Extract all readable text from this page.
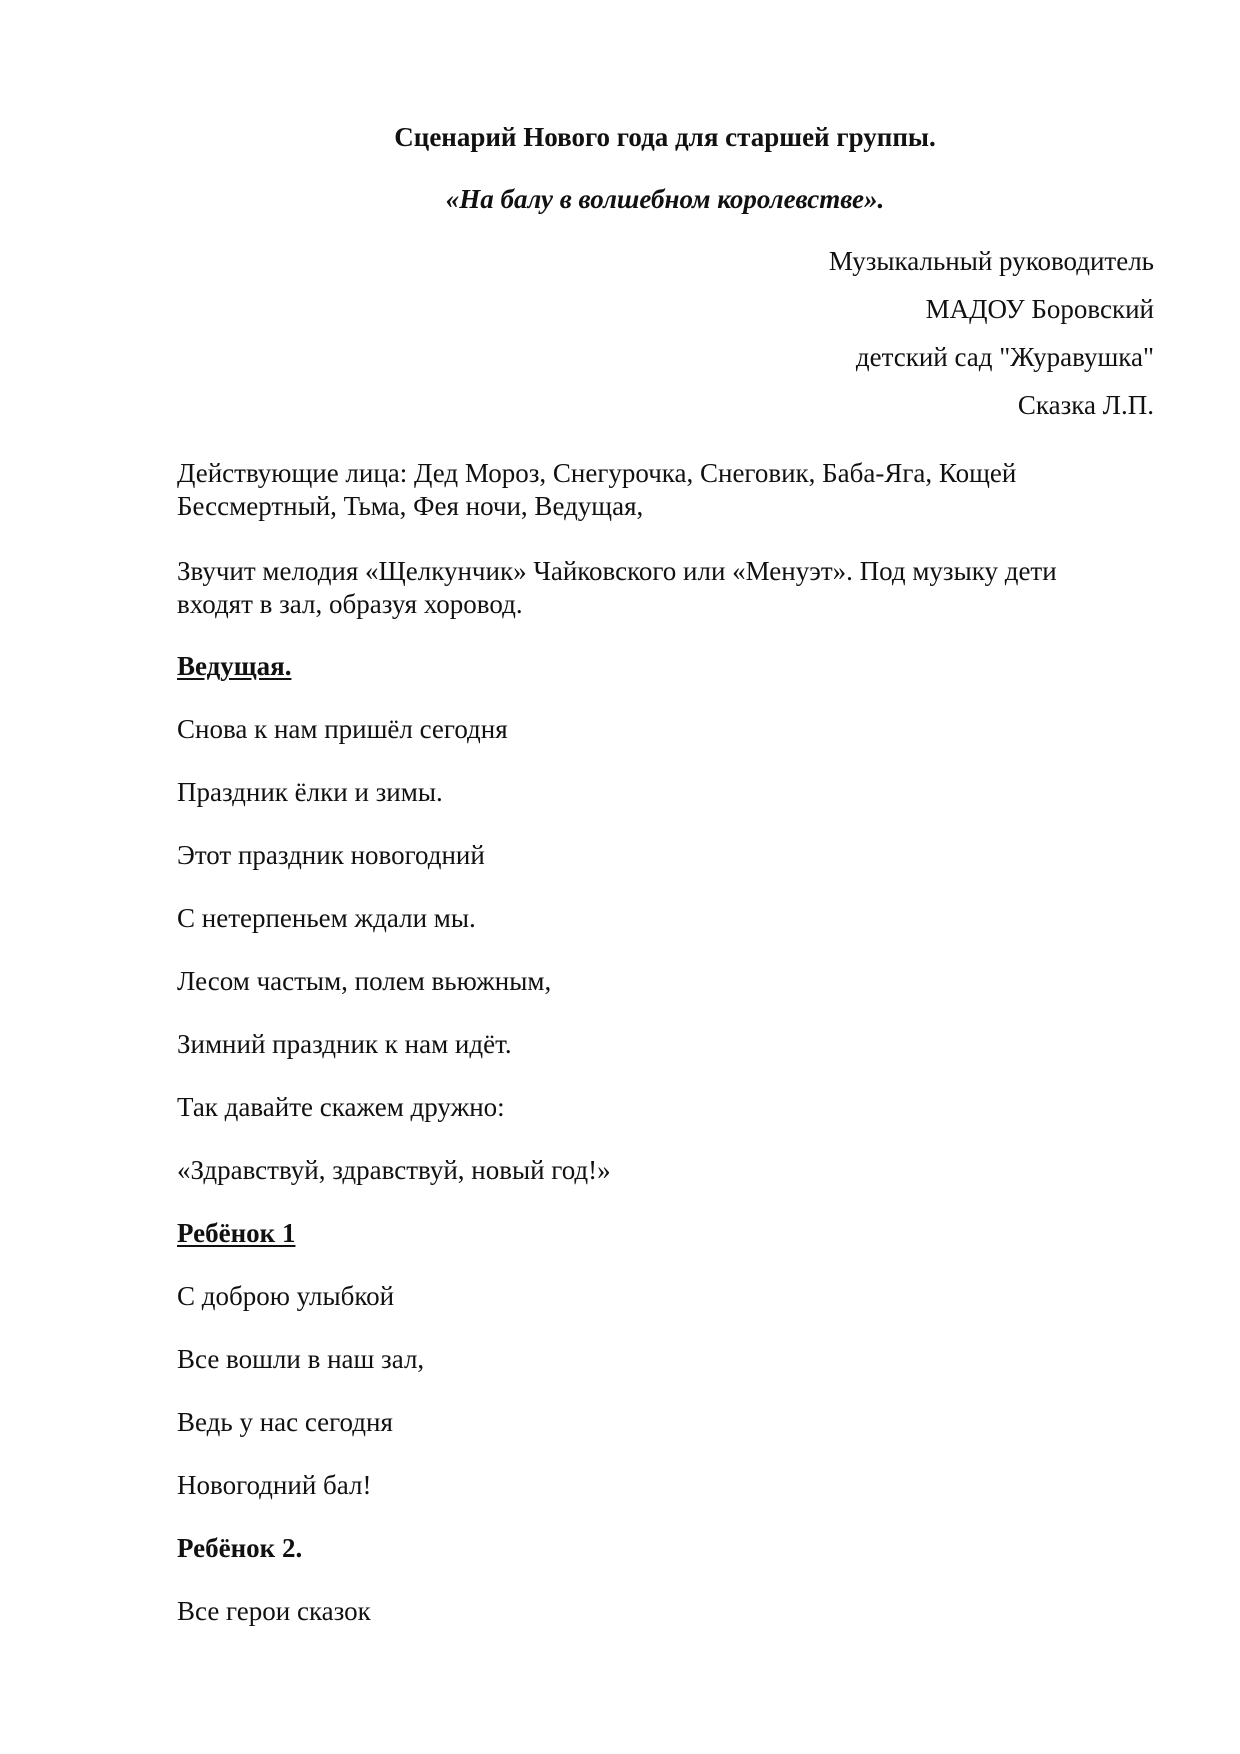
Сценарий Нового года для старшей группы.

«На балу в волшебном королевстве».

Музыкальный руководитель

МАДОУ Боровский

детский сад "Журавушка"

Сказка Л.П.

Действующие лица: Дед Мороз, Снегурочка, Снеговик, Баба-Яга, Кощей

Бессмертный, Тьма, Фея ночи, Ведущая,

Звучит мелодия «Щелкунчик» Чайковского или «Менуэт». Под музыку дети

входят в зал, образуя хоровод.

Ведущая.

Снова к нам пришёл сегодня

Праздник ёлки и зимы.

Этот праздник новогодний

С нетерпеньем ждали мы.

Лесом частым, полем вьюжным,

Зимний праздник к нам идёт.

Так давайте скажем дружно:

«Здравствуй, здравствуй, новый год!»

Ребёнок 1

С доброю улыбкой

Все вошли в наш зал,

Ведь у нас сегодня

Новогодний бал!

Ребёнок 2.

Все герои сказок
